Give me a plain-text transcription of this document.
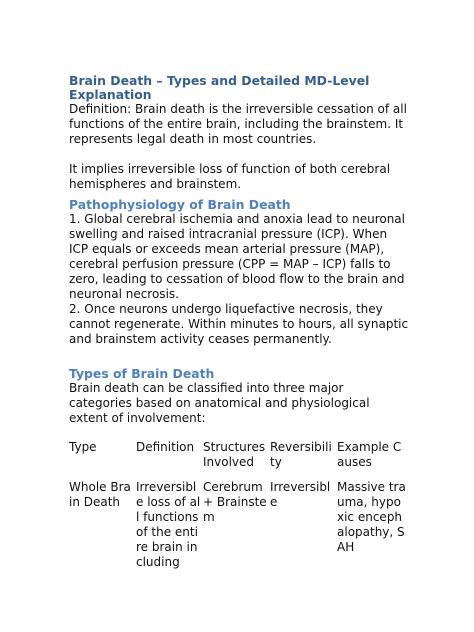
Brain Death – Types and Detailed MD-Level
Explanation

Definition: Brain death is the irreversible cessation of all functions of the entire brain, including the brainstem. It represents legal death in most countries.

It implies irreversible loss of function of both cerebral hemispheres and brainstem.

Pathophysiology of Brain Death

1. Global cerebral ischemia and anoxia lead to neuronal swelling and raised intracranial pressure (ICP). When ICP equals or exceeds mean arterial pressure (MAP), cerebral perfusion pressure (CPP = MAP – ICP) falls to zero, leading to cessation of blood flow to the brain and neuronal necrosis.

2. Once neurons undergo liquefactive necrosis, they cannot regenerate. Within minutes to hours, all synaptic and brainstem activity ceases permanently.

Types of Brain Death

Brain death can be classified into three major categories based on anatomical and physiological extent of involvement:

Type	Definition	Structures Involved	Reversibility	Example Causes
Whole Brain Death	Irreversible loss of all functions of the entire brain including	Cerebrum + Brainstem	Irreversible	Massive trauma, hypoxic encephalopathy, SAH
